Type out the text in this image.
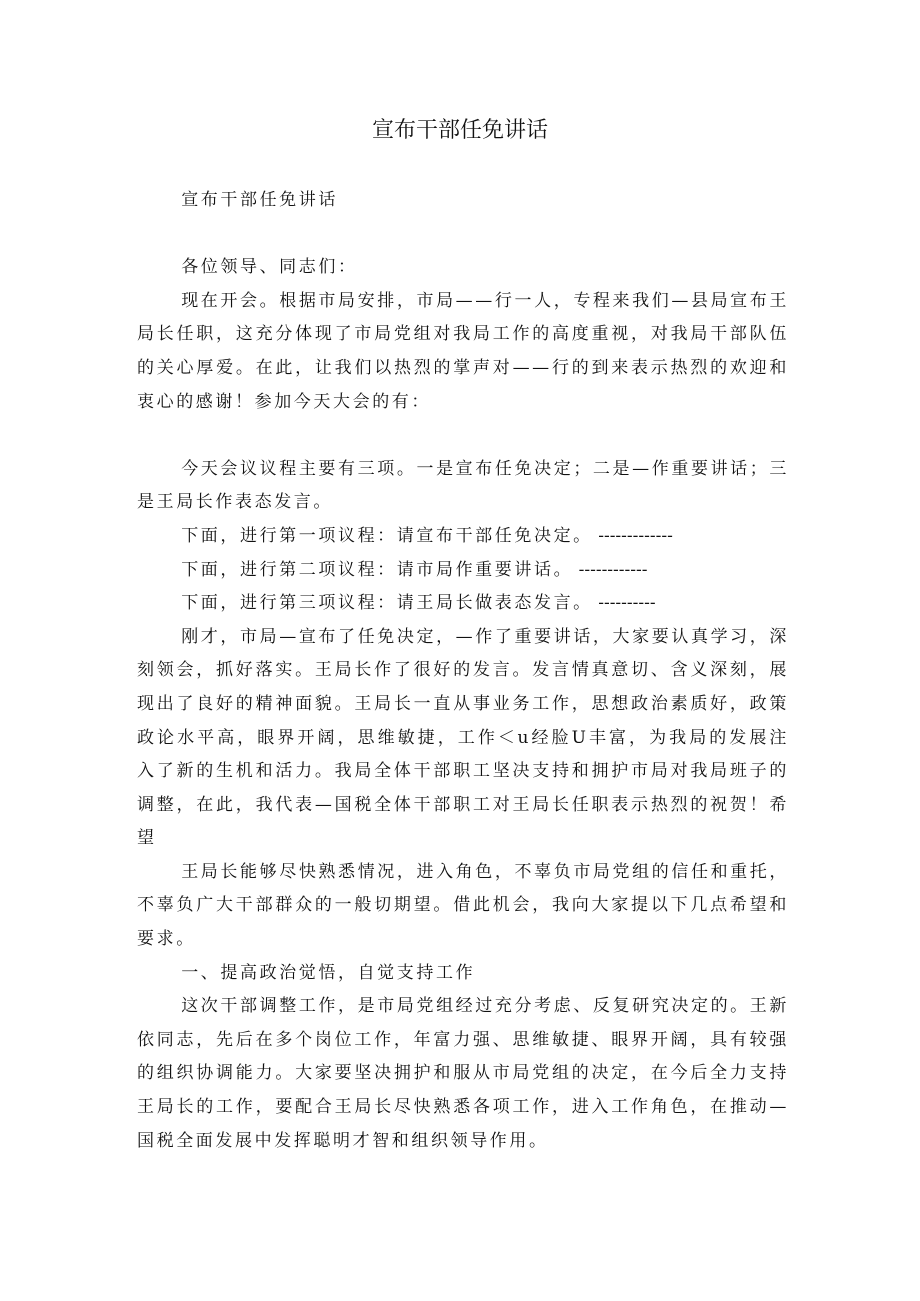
宣布干部任免讲话

宣布干部任免讲话

各位领导、同志们：

现在开会。根据市局安排，市局——行一人，专程来我们—县局宣布王局长任职，这充分体现了市局党组对我局工作的高度重视，对我局干部队伍的关心厚爱。在此，让我们以热烈的掌声对——行的到来表示热烈的欢迎和衷心的感谢！参加今天大会的有：

今天会议议程主要有三项。一是宣布任免决定；二是—作重要讲话；三是王局长作表态发言。

下面，进行第一项议程：请宣布干部任免决定。 -------------

下面，进行第二项议程：请市局作重要讲话。 ------------

下面，进行第三项议程：请王局长做表态发言。 ----------

刚才，市局—宣布了任免决定，—作了重要讲话，大家要认真学习，深刻领会，抓好落实。王局长作了很好的发言。发言情真意切、含义深刻，展现出了良好的精神面貌。王局长一直从事业务工作，思想政治素质好，政策政论水平高，眼界开阔，思维敏捷，工作＜u经脸U丰富，为我局的发展注入了新的生机和活力。我局全体干部职工坚决支持和拥护市局对我局班子的调整，在此，我代表—国税全体干部职工对王局长任职表示热烈的祝贺！希望

王局长能够尽快熟悉情况，进入角色，不辜负市局党组的信任和重托，不辜负广大干部群众的一般切期望。借此机会，我向大家提以下几点希望和要求。

一、提高政治觉悟，自觉支持工作

这次干部调整工作，是市局党组经过充分考虑、反复研究决定的。王新依同志，先后在多个岗位工作，年富力强、思维敏捷、眼界开阔，具有较强的组织协调能力。大家要坚决拥护和服从市局党组的决定，在今后全力支持王局长的工作，要配合王局长尽快熟悉各项工作，进入工作角色，在推动—国税全面发展中发挥聪明才智和组织领导作用。
